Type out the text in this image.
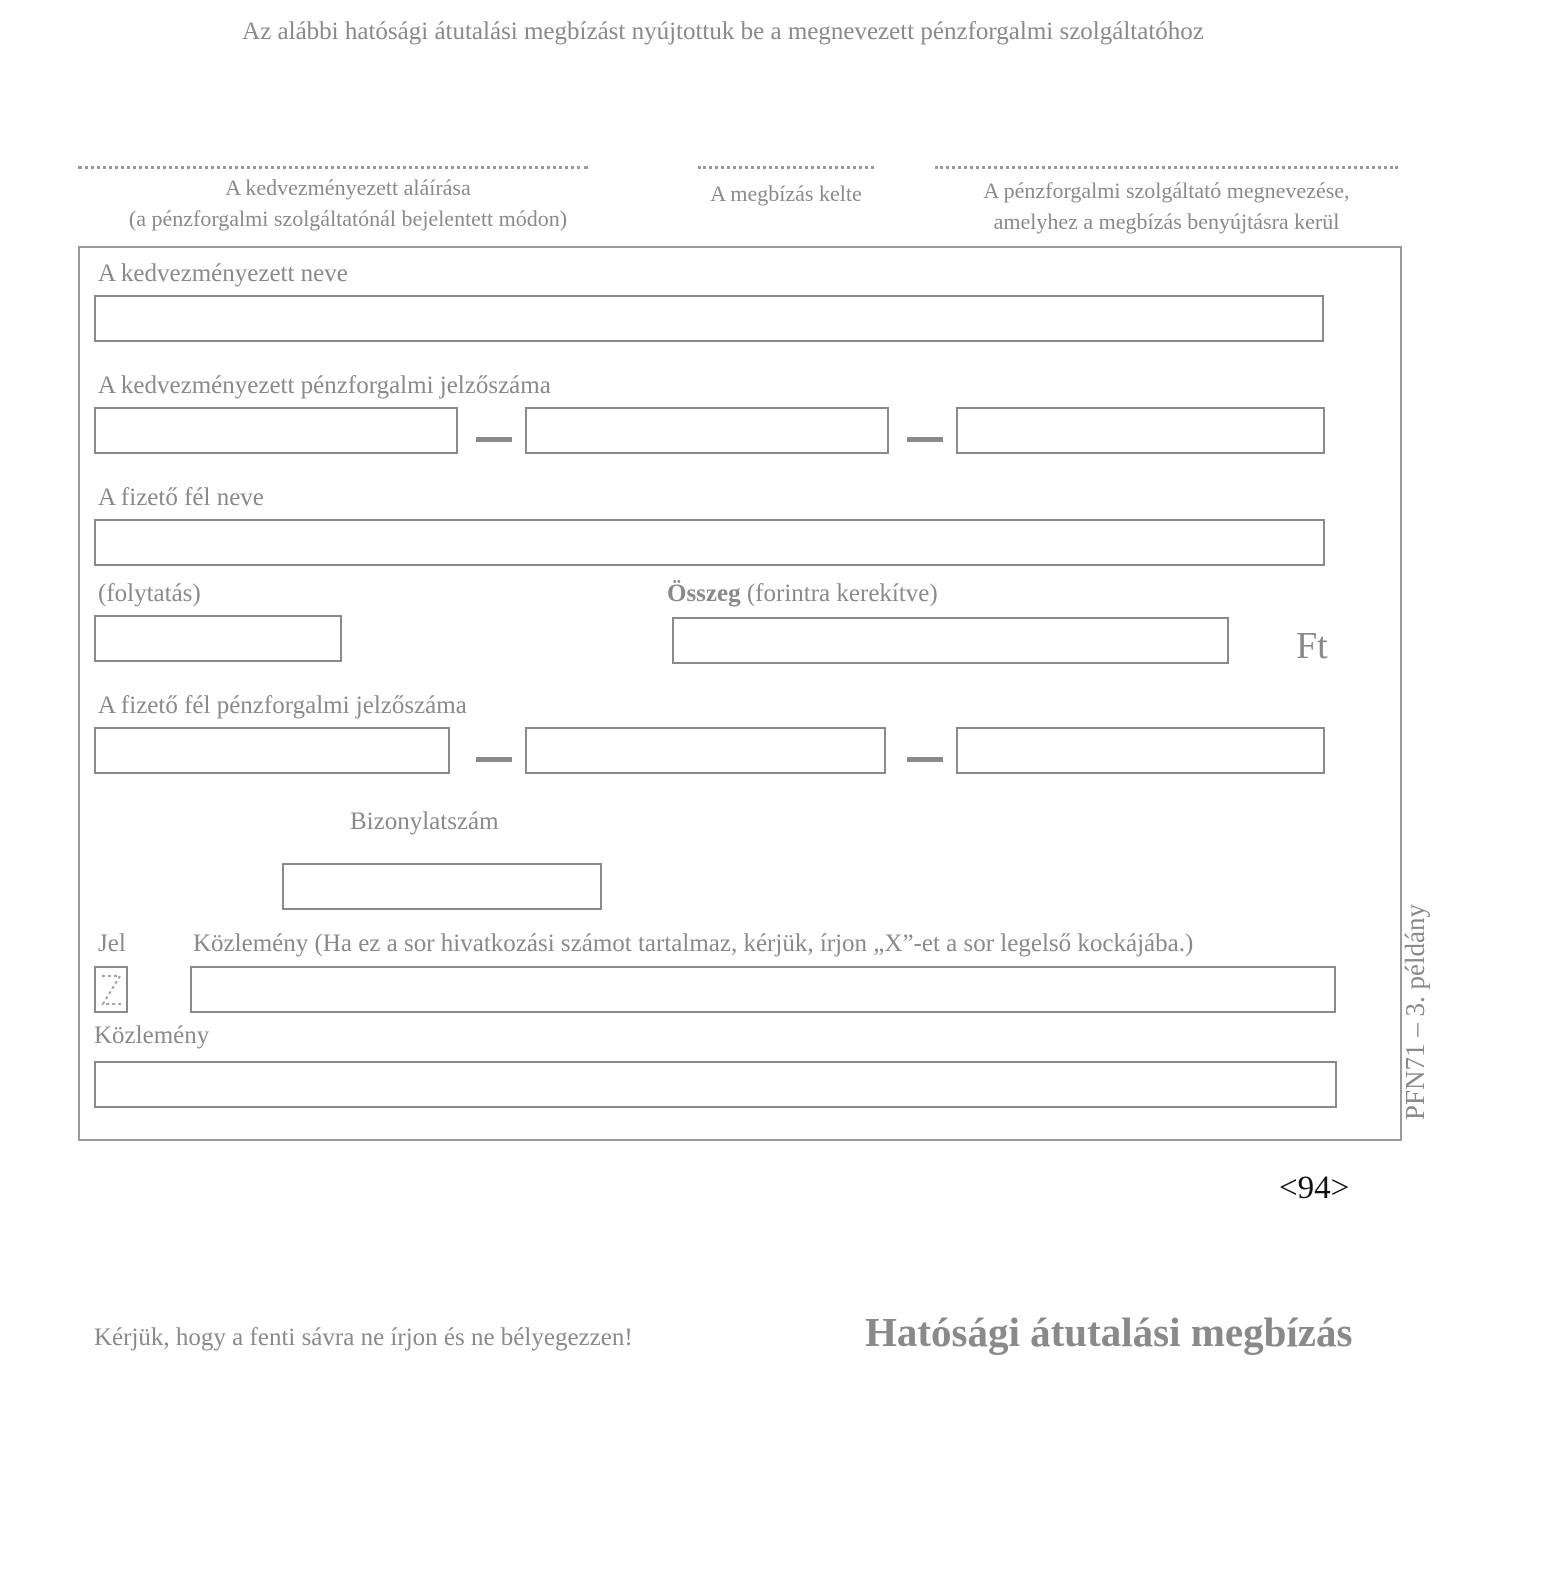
Az alábbi hatósági átutalási megbízást nyújtottuk be a megnevezett pénzforgalmi szolgáltatóhoz
A kedvezményezett aláírása
(a pénzforgalmi szolgáltatónál bejelentett módon)
A megbízás kelte	A pénzforgalmi szolgáltató megnevezése,
amelyhez a megbízás benyújtásra kerül
A kedvezményezett neve
A kedvezményezett pénzforgalmi jelzőszáma
A fizető fél neve
(folytatás)	Összeg (forintra kerekítve)
Ft
A fizető fél pénzforgalmi jelzőszáma
Bizonylatszám
Jel	Közlemény (Ha ez a sor hivatkozási számot tartalmaz, kérjük, írjon „X”-et a sor legelső kockájába.)
Közlemény	PFN71 – 3. példány
<94>
Kérjük, hogy a fenti sávra ne írjon és ne bélyegezzen!	Hatósági átutalási megbízás
